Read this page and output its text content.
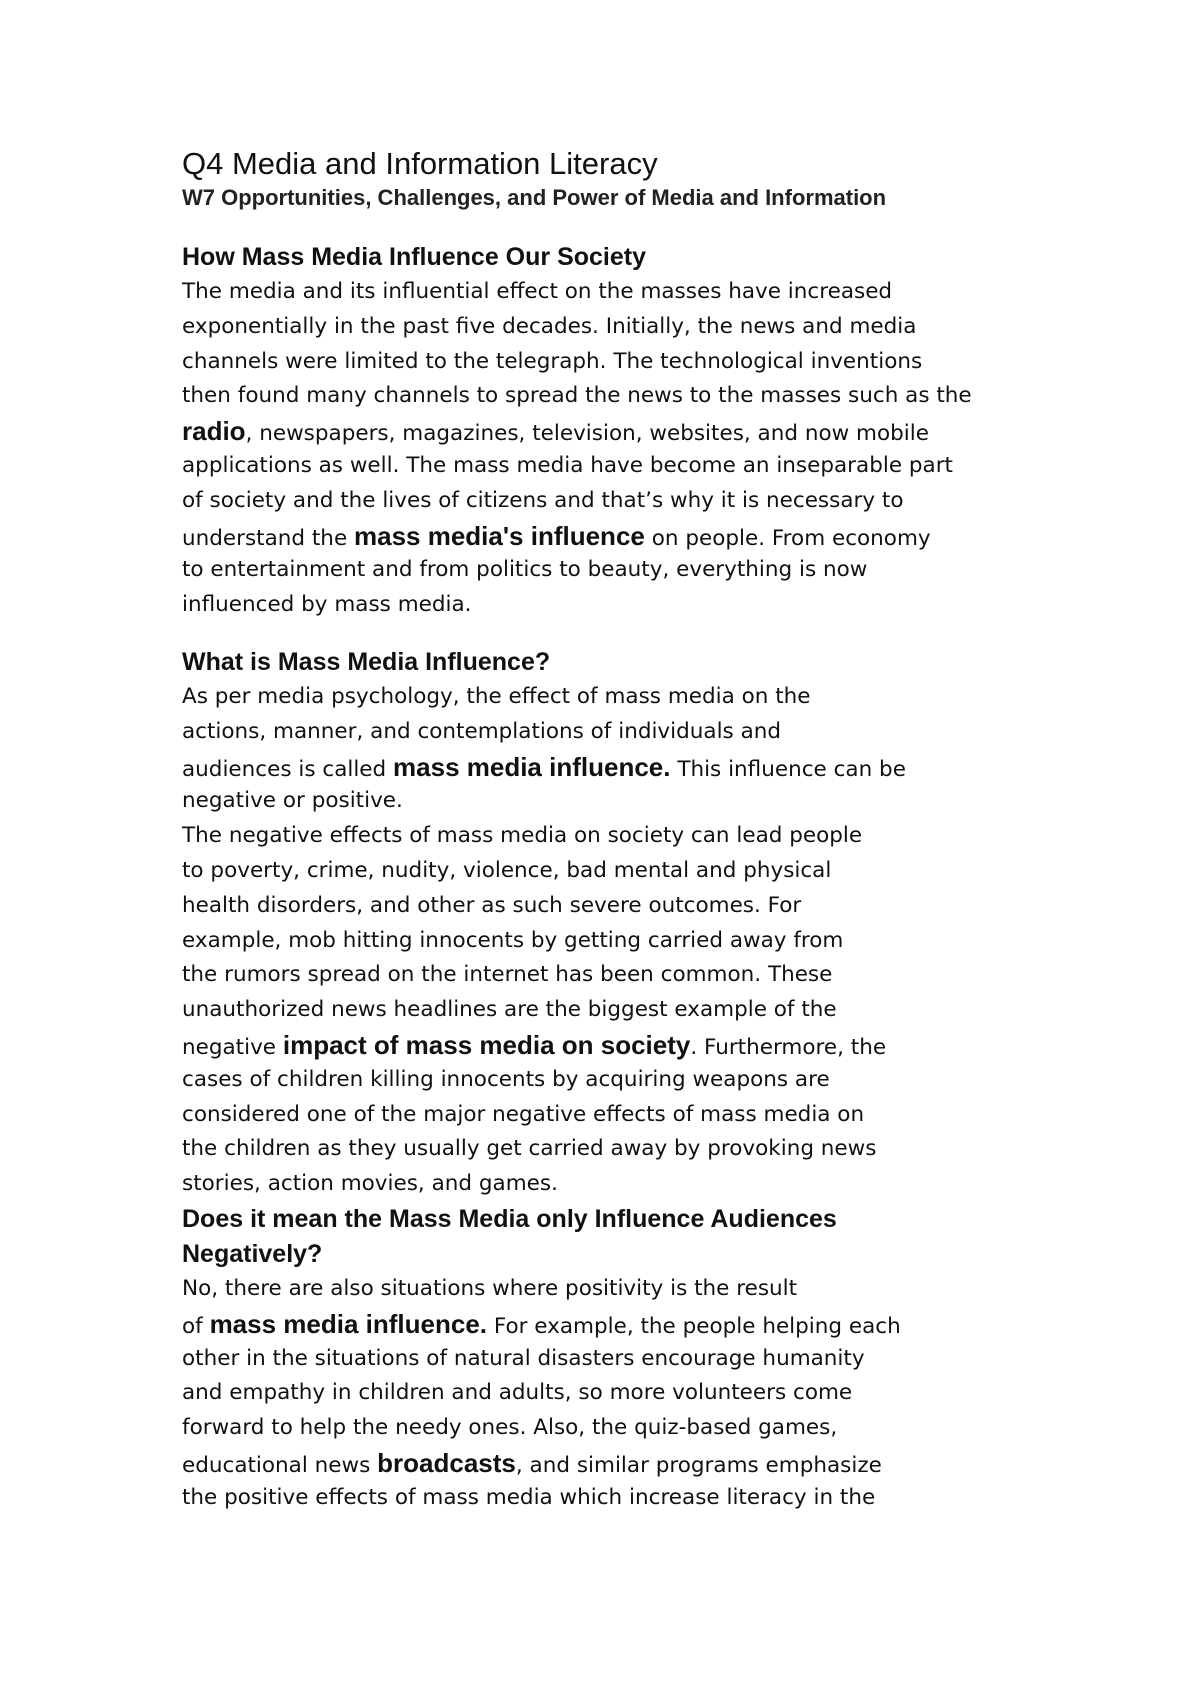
Q4 Media and Information Literacy
W7 Opportunities, Challenges, and Power of Media and Information
How Mass Media Influence Our Society
The media and its influential effect on the masses have increased
exponentially in the past five decades. Initially, the news and media
channels were limited to the telegraph. The technological inventions
then found many channels to spread the news to the masses such as the
radio, newspapers, magazines, television, websites, and now mobile
applications as well. The mass media have become an inseparable part
of society and the lives of citizens and that’s why it is necessary to
understand the mass media's influence on people. From economy
to entertainment and from politics to beauty, everything is now
influenced by mass media.
What is Mass Media Influence?
As per media psychology, the effect of mass media on the
actions, manner, and contemplations of individuals and
audiences is called mass media influence. This influence can be
negative or positive.
The negative effects of mass media on society can lead people
to poverty, crime, nudity, violence, bad mental and physical
health disorders, and other as such severe outcomes. For
example, mob hitting innocents by getting carried away from
the rumors spread on the internet has been common. These
unauthorized news headlines are the biggest example of the
negative impact of mass media on society. Furthermore, the
cases of children killing innocents by acquiring weapons are
considered one of the major negative effects of mass media on
the children as they usually get carried away by provoking news
stories, action movies, and games.
Does it mean the Mass Media only Influence Audiences
Negatively?
No, there are also situations where positivity is the result
of mass media influence. For example, the people helping each
other in the situations of natural disasters encourage humanity
and empathy in children and adults, so more volunteers come
forward to help the needy ones. Also, the quiz-based games,
educational news broadcasts, and similar programs emphasize
the positive effects of mass media which increase literacy in the
